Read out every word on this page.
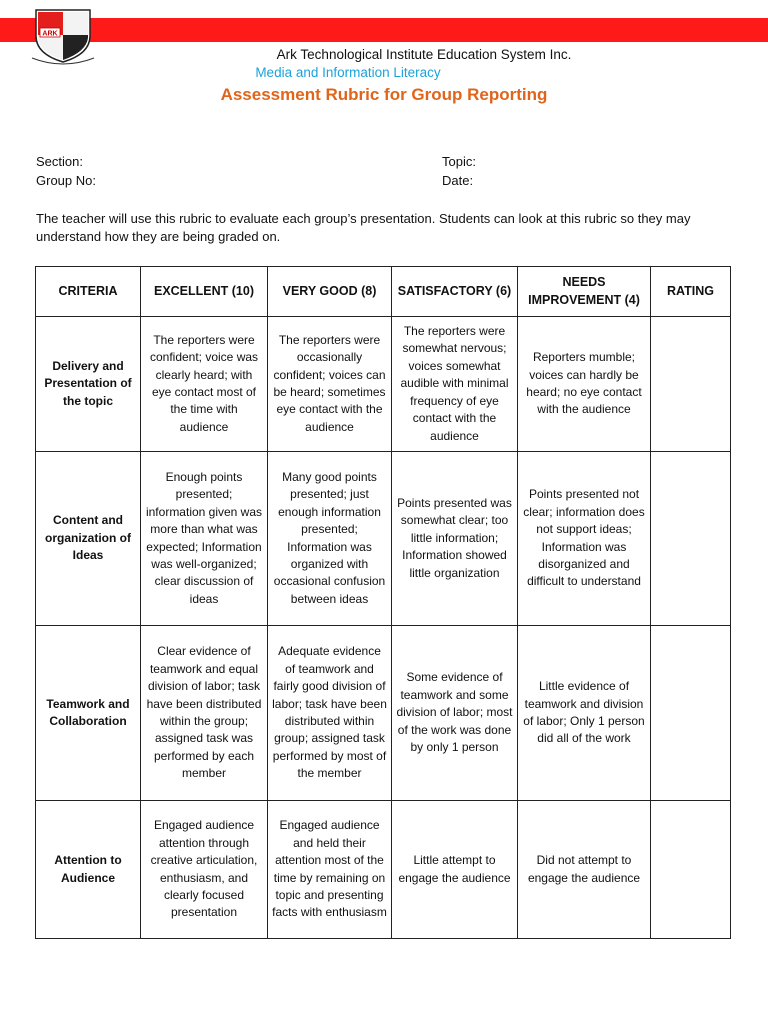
ARK
Ark Technological Institute Education System Inc.
Media and Information Literacy
Assessment Rubric for Group Reporting
Section:
Group No:
Topic:
Date:
The teacher will use this rubric to evaluate each group’s presentation. Students can look at this rubric so they may understand how they are being graded on.
CRITERIA	EXCELLENT (10)	VERY GOOD (8)	SATISFACTORY (6)	NEEDS IMPROVEMENT (4)	RATING
Delivery and Presentation of the topic	The reporters were confident; voice was clearly heard; with eye contact most of the time with audience	The reporters were occasionally confident; voices can be heard; sometimes eye contact with the audience	The reporters were somewhat nervous; voices somewhat audible with minimal frequency of eye contact with the audience	Reporters mumble; voices can hardly be heard; no eye contact with the audience	
Content and organization of Ideas	Enough points presented; information given was more than what was expected; Information was well-organized; clear discussion of ideas	Many good points presented; just enough information presented; Information was organized with occasional confusion between ideas	Points presented was somewhat clear; too little information; Information showed little organization	Points presented not clear; information does not support ideas; Information was disorganized and difficult to understand	
Teamwork and Collaboration	Clear evidence of teamwork and equal division of labor; task have been distributed within the group; assigned task was performed by each member	Adequate evidence of teamwork and fairly good division of labor; task have been distributed within group; assigned task performed by most of the member	Some evidence of teamwork and some division of labor; most of the work was done by only 1 person	Little evidence of teamwork and division of labor; Only 1 person did all of the work	
Attention to Audience	Engaged audience attention through creative articulation, enthusiasm, and clearly focused presentation	Engaged audience and held their attention most of the time by remaining on topic and presenting facts with enthusiasm	Little attempt to engage the audience	Did not attempt to engage the audience	
